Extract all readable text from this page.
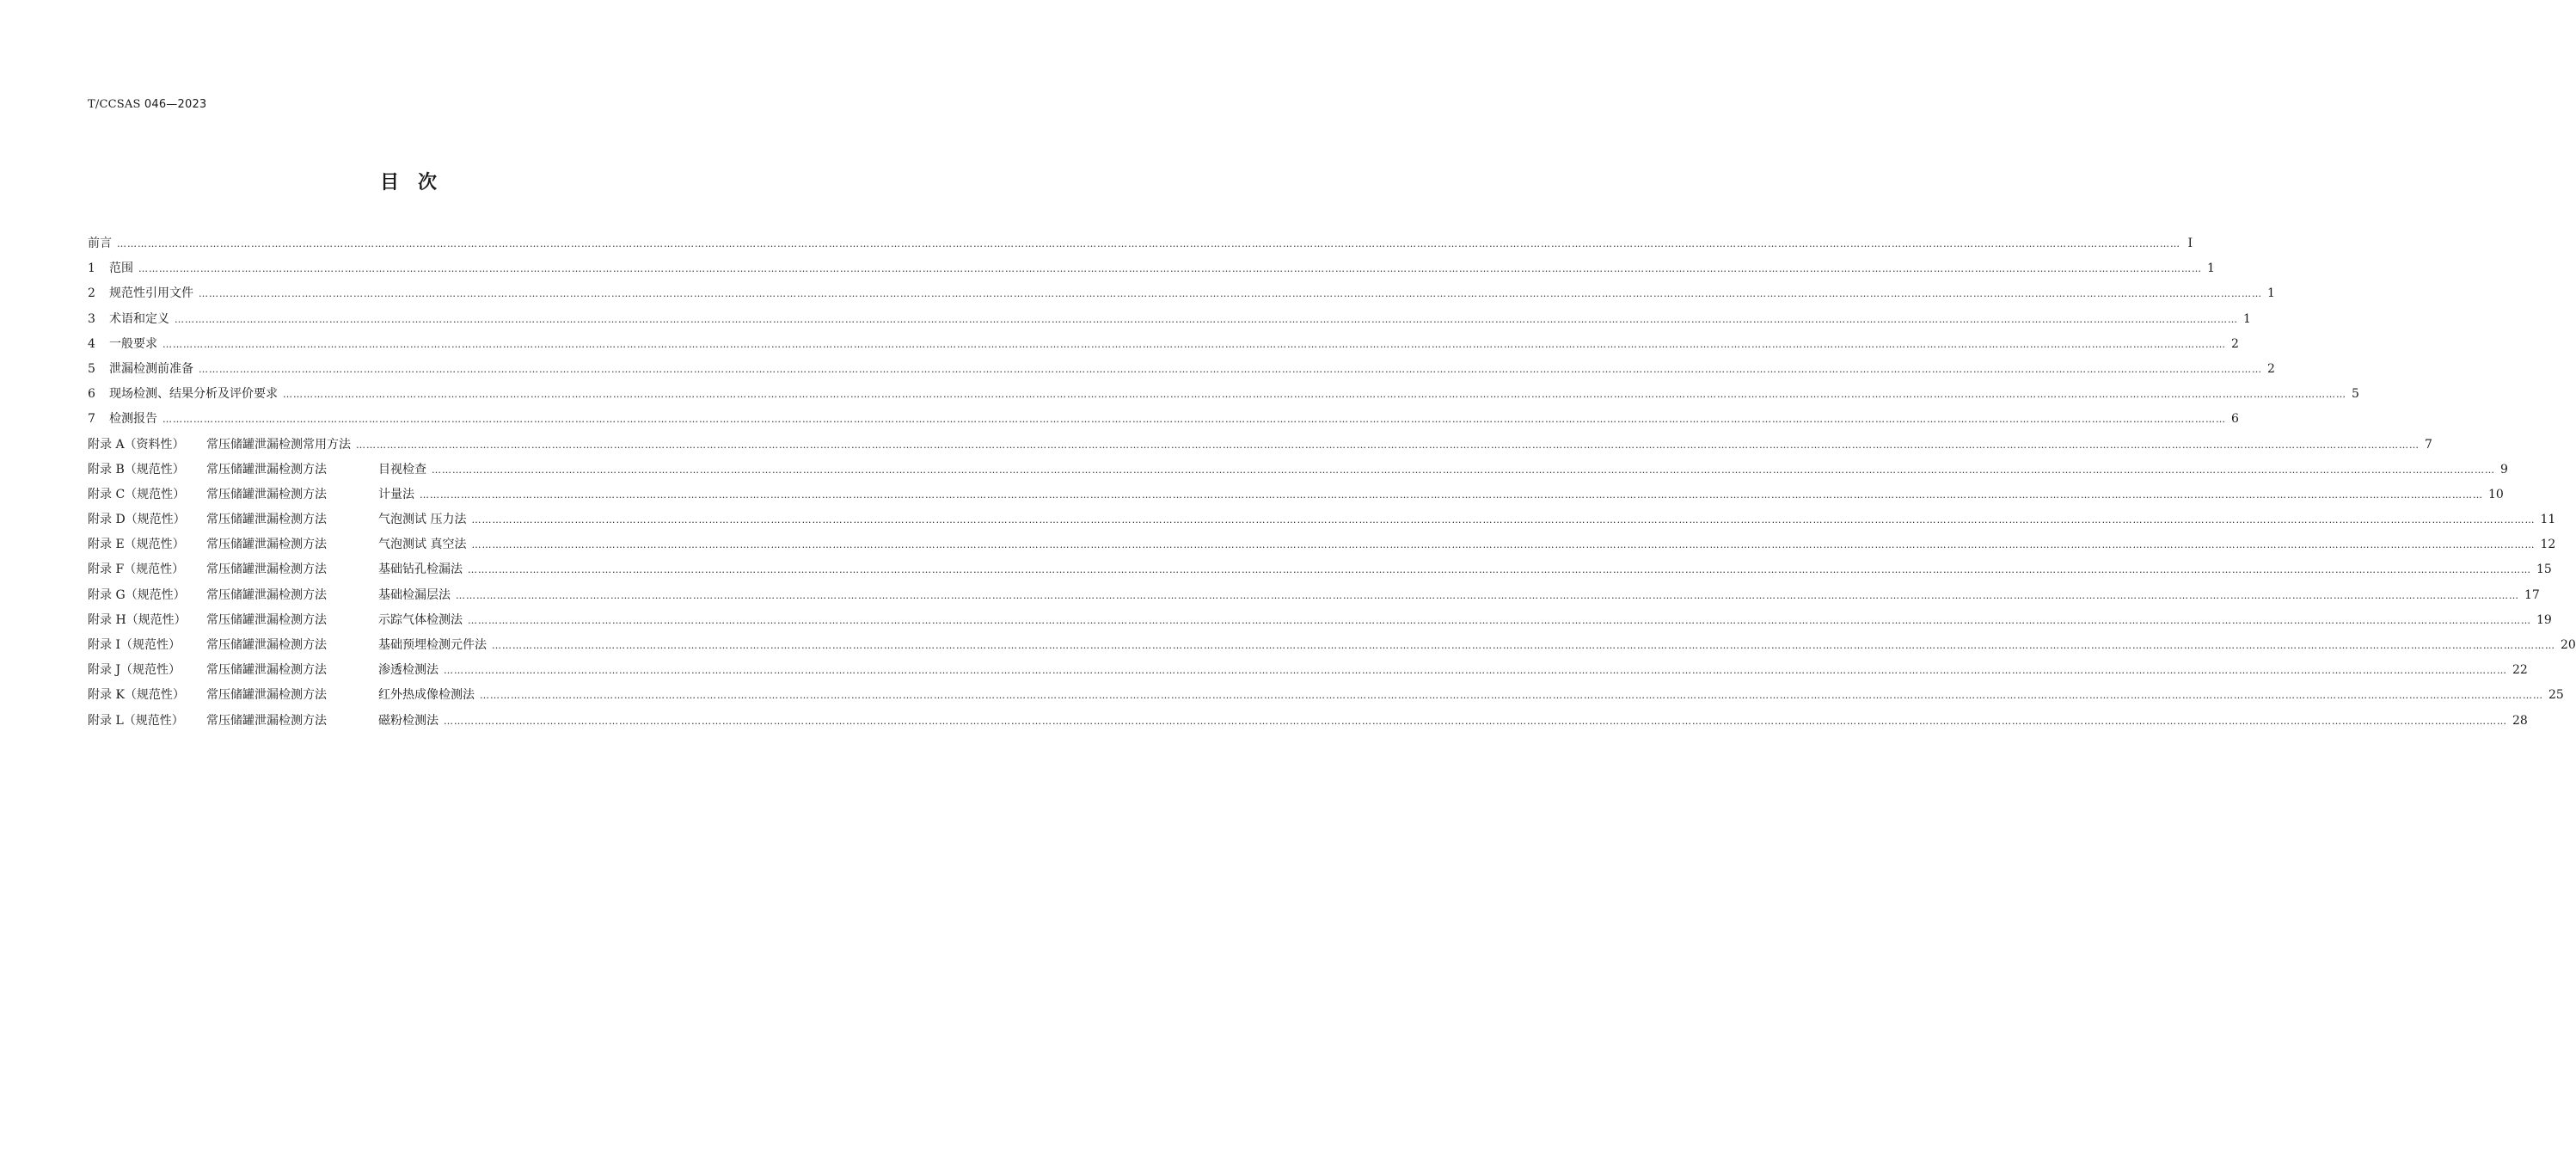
T/CCSAS 046—2023
目　次
前言 …………………………………………………………………………………………………………………………………………………………………………………………………………………………………………………………………………………………………………………………………………………………………………………………………………………………………………………………………………………………………………………………………………………… I
1	范围 …………………………………………………………………………………………………………………………………………………………………………………………………………………………………………………………………………………………………………………………………………………………………………………………………………………………………………………………………………………………………………………………………………………… 1
2	规范性引用文件 …………………………………………………………………………………………………………………………………………………………………………………………………………………………………………………………………………………………………………………………………………………………………………………………………………………………………………………………………………………………………………………………………………………… 1
3	术语和定义 …………………………………………………………………………………………………………………………………………………………………………………………………………………………………………………………………………………………………………………………………………………………………………………………………………………………………………………………………………………………………………………………………………………… 1
4	一般要求 …………………………………………………………………………………………………………………………………………………………………………………………………………………………………………………………………………………………………………………………………………………………………………………………………………………………………………………………………………………………………………………………………………………… 2
5	泄漏检测前准备 …………………………………………………………………………………………………………………………………………………………………………………………………………………………………………………………………………………………………………………………………………………………………………………………………………………………………………………………………………………………………………………………………………………… 2
6	现场检测、结果分析及评价要求 …………………………………………………………………………………………………………………………………………………………………………………………………………………………………………………………………………………………………………………………………………………………………………………………………………………………………………………………………………………………………………………………………………………… 5
7	检测报告 …………………………………………………………………………………………………………………………………………………………………………………………………………………………………………………………………………………………………………………………………………………………………………………………………………………………………………………………………………………………………………………………………………………… 6
附录 A（资料性）	常压储罐泄漏检测常用方法 …………………………………………………………………………………………………………………………………………………………………………………………………………………………………………………………………………………………………………………………………………………………………………………………………………………………………………………………………………………………………………………………………………………… 7
附录 B（规范性）	常压储罐泄漏检测方法	目视检查 …………………………………………………………………………………………………………………………………………………………………………………………………………………………………………………………………………………………………………………………………………………………………………………………………………………………………………………………………………………………………………………………………………………… 9
附录 C（规范性）	常压储罐泄漏检测方法	计量法 …………………………………………………………………………………………………………………………………………………………………………………………………………………………………………………………………………………………………………………………………………………………………………………………………………………………………………………………………………………………………………………………………………………… 10
附录 D（规范性）	常压储罐泄漏检测方法	气泡测试 压力法 …………………………………………………………………………………………………………………………………………………………………………………………………………………………………………………………………………………………………………………………………………………………………………………………………………………………………………………………………………………………………………………………………………………… 11
附录 E（规范性）	常压储罐泄漏检测方法	气泡测试 真空法 …………………………………………………………………………………………………………………………………………………………………………………………………………………………………………………………………………………………………………………………………………………………………………………………………………………………………………………………………………………………………………………………………………………… 12
附录 F（规范性）	常压储罐泄漏检测方法	基础钻孔检漏法 …………………………………………………………………………………………………………………………………………………………………………………………………………………………………………………………………………………………………………………………………………………………………………………………………………………………………………………………………………………………………………………………………………………… 15
附录 G（规范性）	常压储罐泄漏检测方法	基础检漏层法 …………………………………………………………………………………………………………………………………………………………………………………………………………………………………………………………………………………………………………………………………………………………………………………………………………………………………………………………………………………………………………………………………………………… 17
附录 H（规范性）	常压储罐泄漏检测方法	示踪气体检测法 …………………………………………………………………………………………………………………………………………………………………………………………………………………………………………………………………………………………………………………………………………………………………………………………………………………………………………………………………………………………………………………………………………………… 19
附录 I（规范性）	常压储罐泄漏检测方法	基础预埋检测元件法 …………………………………………………………………………………………………………………………………………………………………………………………………………………………………………………………………………………………………………………………………………………………………………………………………………………………………………………………………………………………………………………………………………………… 20
附录 J（规范性）	常压储罐泄漏检测方法	渗透检测法 …………………………………………………………………………………………………………………………………………………………………………………………………………………………………………………………………………………………………………………………………………………………………………………………………………………………………………………………………………………………………………………………………………………… 22
附录 K（规范性）	常压储罐泄漏检测方法	红外热成像检测法 …………………………………………………………………………………………………………………………………………………………………………………………………………………………………………………………………………………………………………………………………………………………………………………………………………………………………………………………………………………………………………………………………………………… 25
附录 L（规范性）	常压储罐泄漏检测方法	磁粉检测法 …………………………………………………………………………………………………………………………………………………………………………………………………………………………………………………………………………………………………………………………………………………………………………………………………………………………………………………………………………………………………………………………………………………… 28
